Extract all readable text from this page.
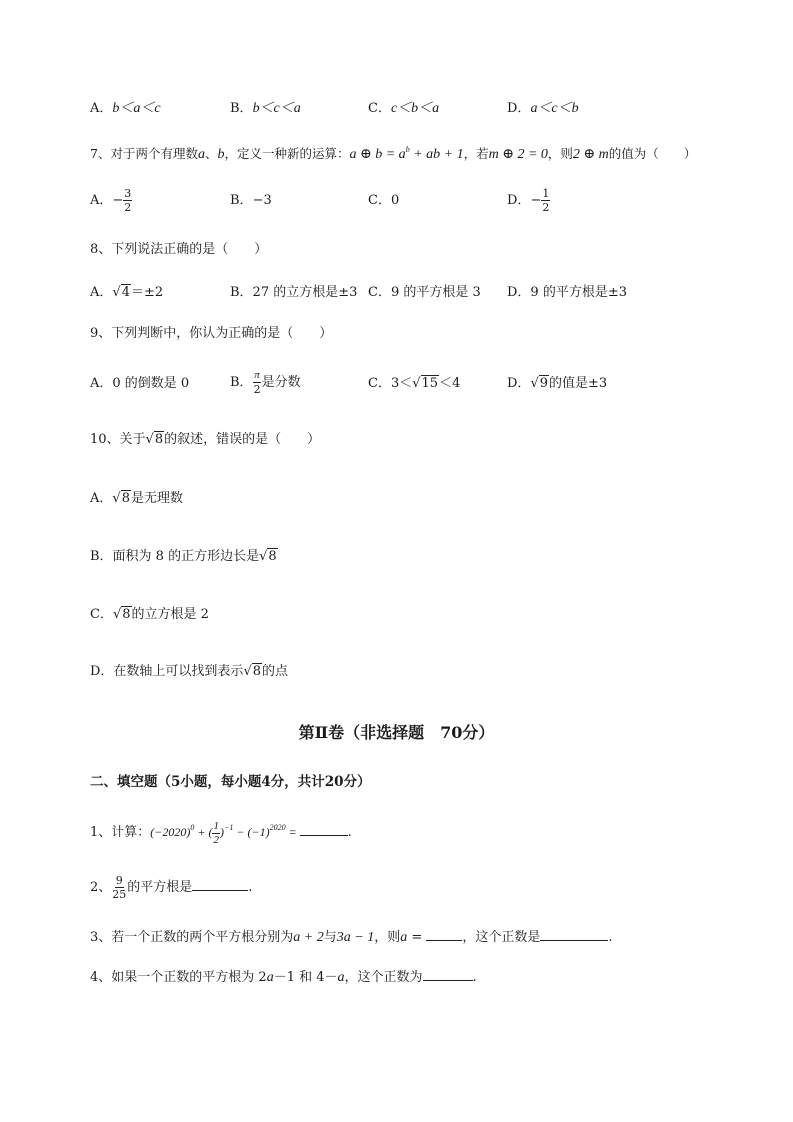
A．b＜a＜c	B．b＜c＜a	C．c＜b＜a	D．a＜c＜b
7、对于两个有理数a、b，定义一种新的运算：a ⊕ $b = a^b$ + ab + 1，若m ⊕ 2 = 0，则2 ⊕ m的值为（　　）
A．− $\frac{3}{2}$	B．−3	C．0	D．− $\frac{1}{2}$
8、下列说法正确的是（　　）
A．√4＝±2	B．27 的立方根是±3 C．9 的平方根是 3 D．9 的平方根是±3
9、下列判断中，你认为正确的是（　　）
A．0 的倒数是 0	B． $\frac{\pi}{2}$ 是分数	C．3＜√15＜4	D．√9的值是±3
10、关于√8的叙述，错误的是（　　）
A．√8是无理数
B．面积为 8 的正方形边长是√8
C．√8的立方根是 2
D．在数轴上可以找到表示√8的点
第Ⅱ卷（非选择题　70分）
二、填空题（5小题，每小题4分，共计20分）
1、计算：$(-2020)^0$ + ( $\frac{1}{2} )^{-1} - (-1)^{2020}$ =	.
2、 $\frac{9}{25}$ 的平方根是	.
3、若一个正数的两个平方根分别为a + 2与3a − 1，则a =	，这个正数是	.
4、如果一个正数的平方根为 2a－1 和 4－a，这个正数为	.
